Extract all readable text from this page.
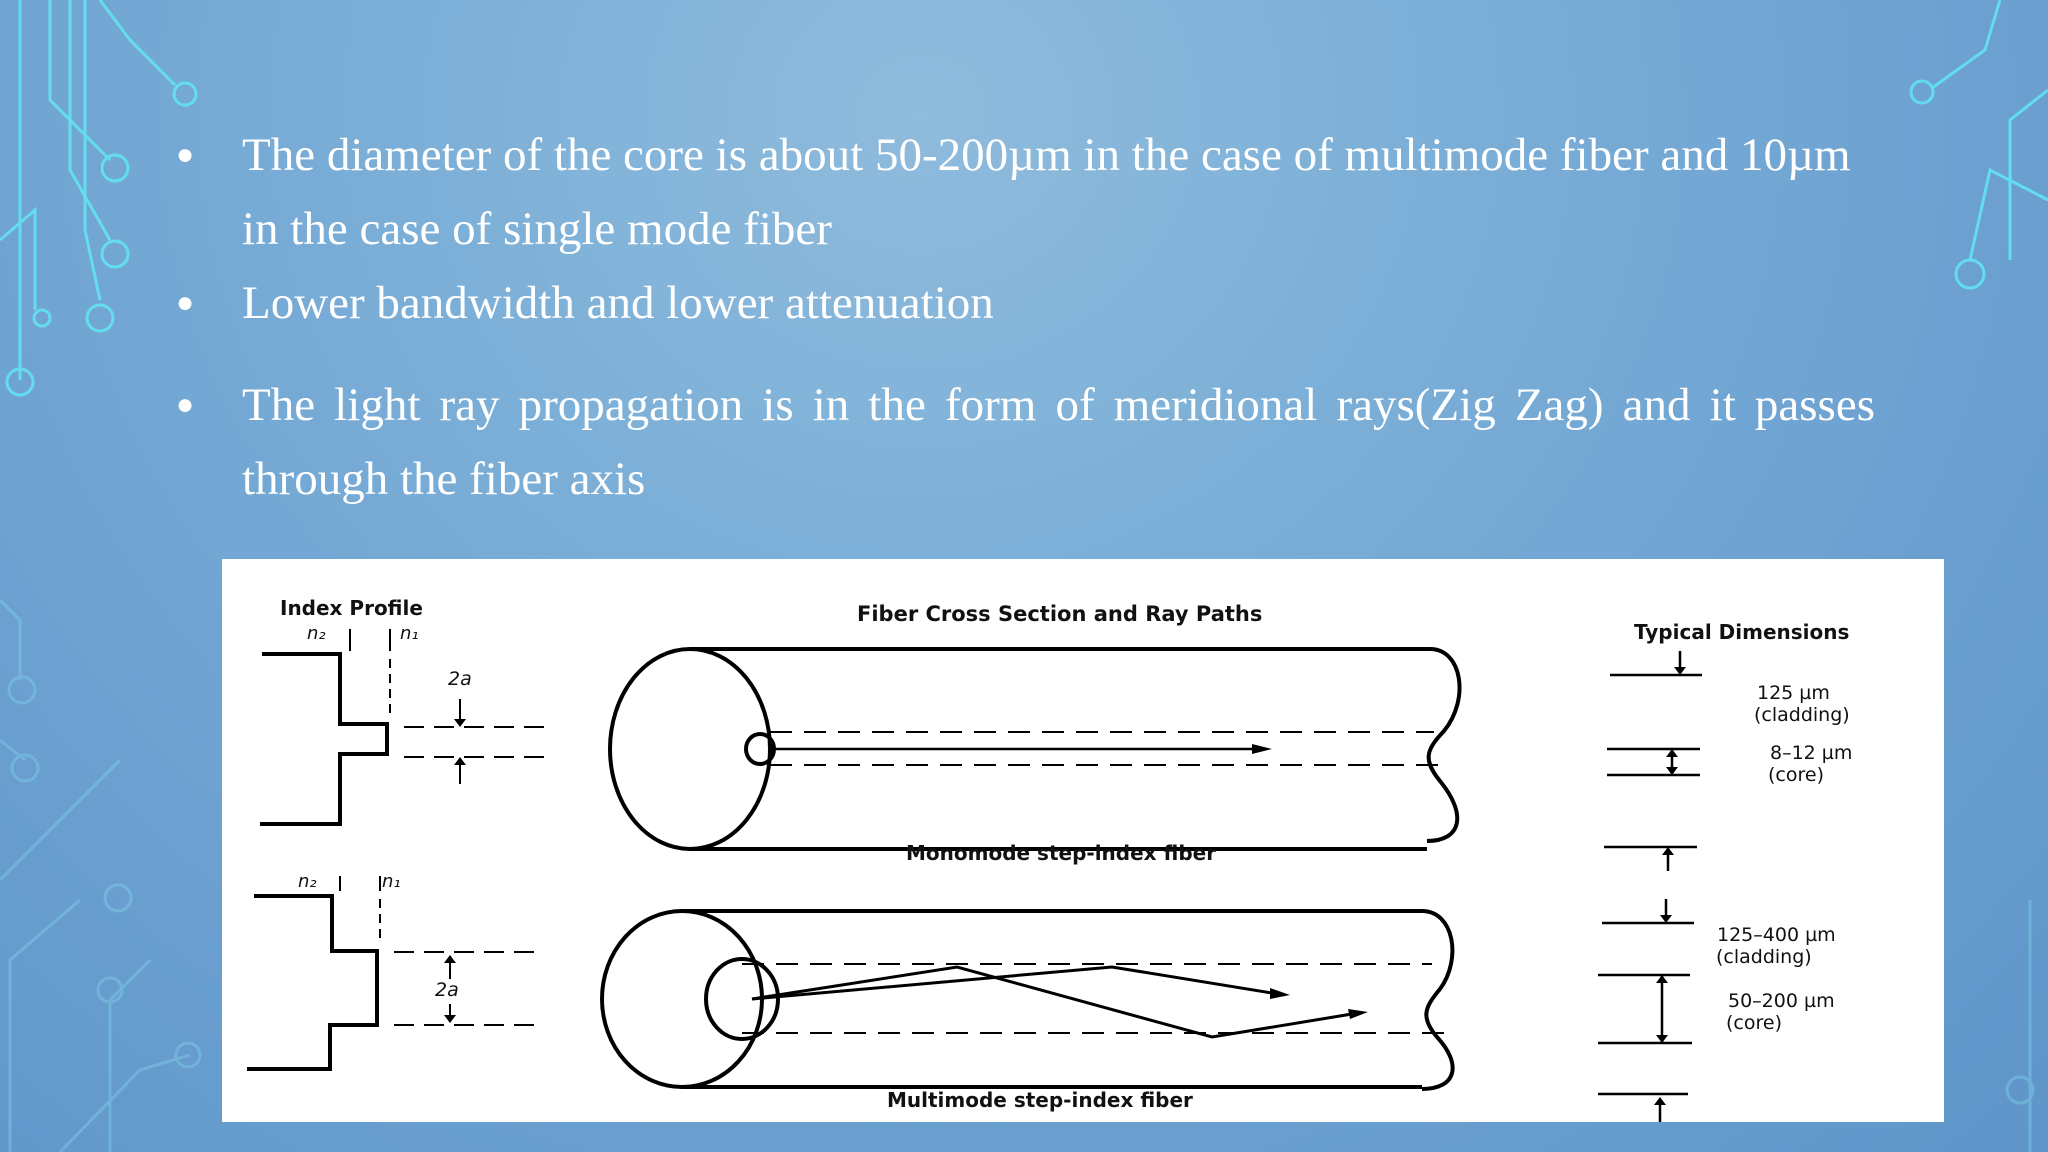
● The diameter of the core is about 50-200µm in the case of multimode fiber and 10µm in the case of single mode fiber
● Lower bandwidth and lower attenuation
● The light ray propagation is in the form of meridional rays(Zig Zag) and it passes through the fiber axis
Index Profile	Fiber Cross Section and Ray Paths
Typical Dimensions
n₂	n₁
2a
n₂	n₁
2a
Monomode step-index fiber
Multimode step-index fiber
125 µm
(cladding)
8–12 µm
(core)
125–400 µm
(cladding)
50–200 µm
(core)
